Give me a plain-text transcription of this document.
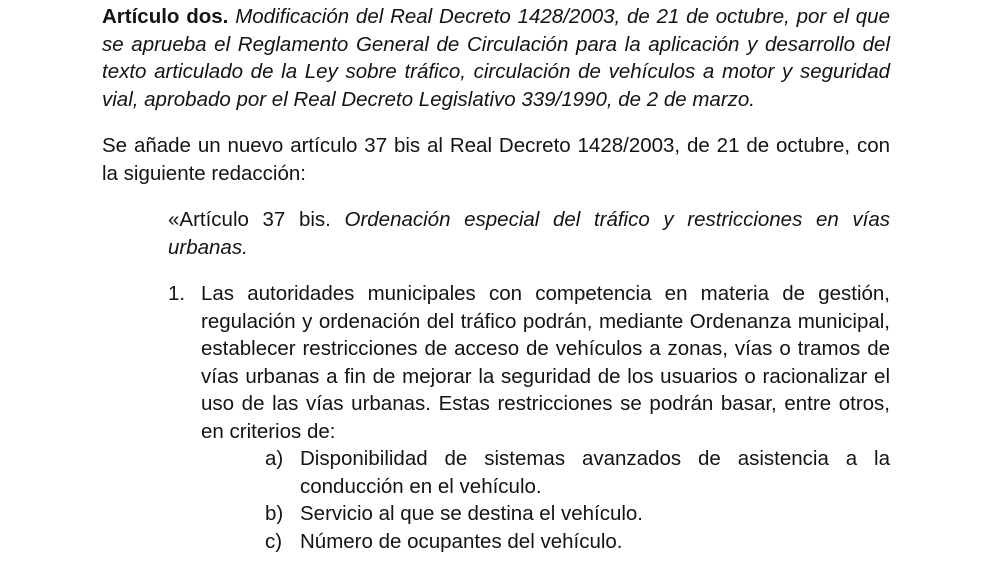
Artículo dos. Modificación del Real Decreto 1428/2003, de 21 de octubre, por el que se aprueba el Reglamento General de Circulación para la aplicación y desarrollo del texto articulado de la Ley sobre tráfico, circulación de vehículos a motor y seguridad vial, aprobado por el Real Decreto Legislativo 339/1990, de 2 de marzo.

Se añade un nuevo artículo 37 bis al Real Decreto 1428/2003, de 21 de octubre, con la siguiente redacción:

«Artículo 37 bis. Ordenación especial del tráfico y restricciones en vías urbanas.

1. Las autoridades municipales con competencia en materia de gestión, regulación y ordenación del tráfico podrán, mediante Ordenanza municipal, establecer restricciones de acceso de vehículos a zonas, vías o tramos de vías urbanas a fin de mejorar la seguridad de los usuarios o racionalizar el uso de las vías urbanas. Estas restricciones se podrán basar, entre otros, en criterios de:
a) Disponibilidad de sistemas avanzados de asistencia a la conducción en el vehículo.
b) Servicio al que se destina el vehículo.
c) Número de ocupantes del vehículo.
